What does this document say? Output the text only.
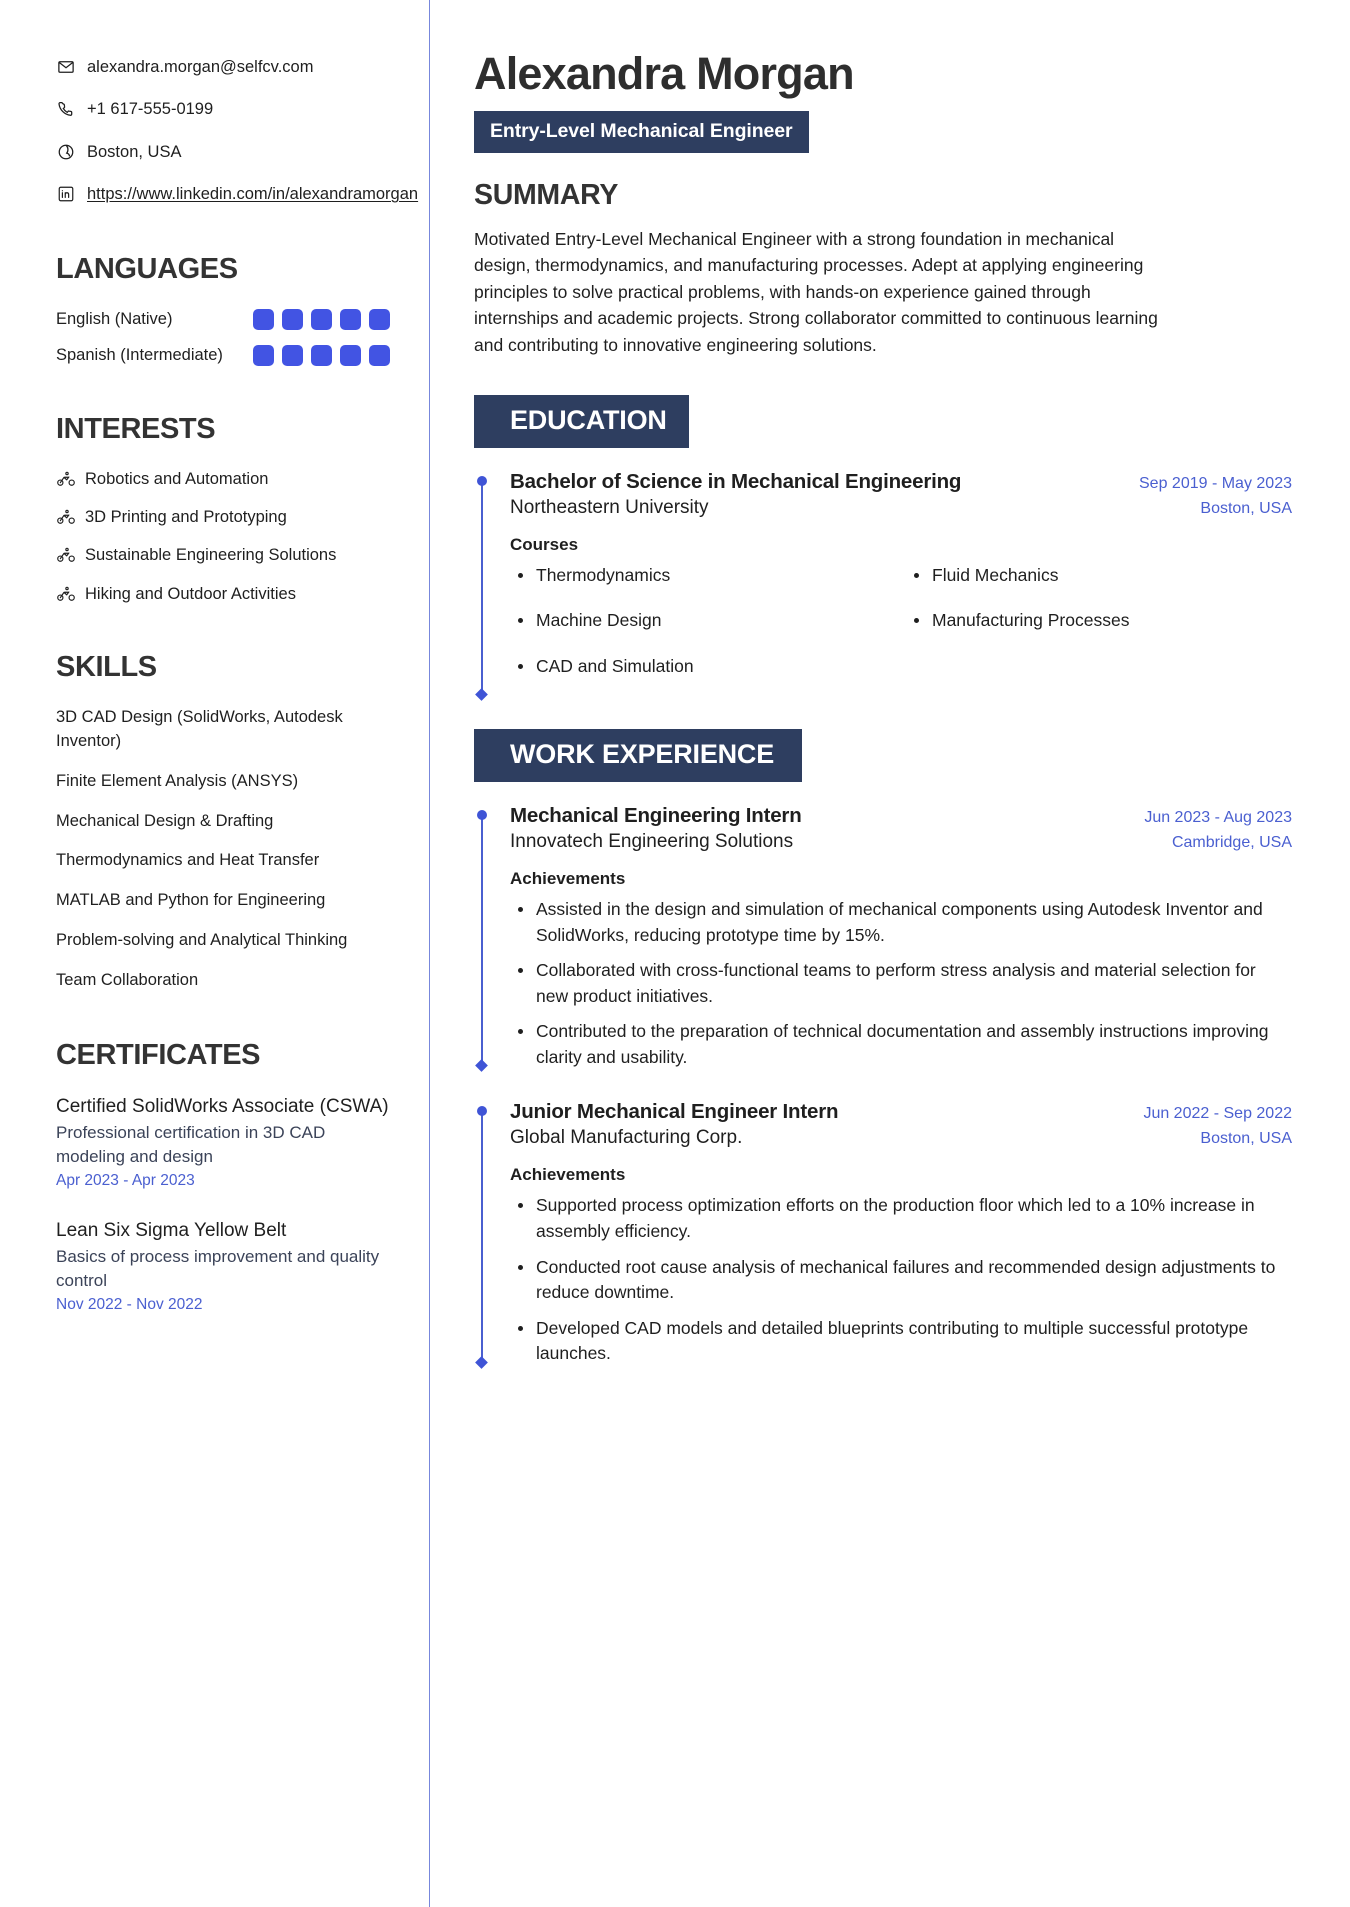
alexandra.morgan@selfcv.com
+1 617-555-0199
Boston, USA
https://www.linkedin.com/in/alexandramorgan
LANGUAGES
English (Native)
Spanish (Intermediate)
INTERESTS
Robotics and Automation
3D Printing and Prototyping
Sustainable Engineering Solutions
Hiking and Outdoor Activities
SKILLS
3D CAD Design (SolidWorks, Autodesk Inventor)
Finite Element Analysis (ANSYS)
Mechanical Design & Drafting
Thermodynamics and Heat Transfer
MATLAB and Python for Engineering
Problem-solving and Analytical Thinking
Team Collaboration
CERTIFICATES
Certified SolidWorks Associate (CSWA)
Professional certification in 3D CAD modeling and design
Apr 2023 - Apr 2023
Lean Six Sigma Yellow Belt
Basics of process improvement and quality control
Nov 2022 - Nov 2022
Alexandra Morgan
Entry-Level Mechanical Engineer
SUMMARY

Motivated Entry-Level Mechanical Engineer with a strong foundation in mechanical design, thermodynamics, and manufacturing processes. Adept at applying engineering principles to solve practical problems, with hands-on experience gained through internships and academic projects. Strong collaborator committed to continuous learning and contributing to innovative engineering solutions.

EDUCATION
Bachelor of Science in Mechanical Engineering	Sep 2019 - May 2023
Northeastern University	Boston, USA
Courses
Thermodynamics	Fluid Mechanics
Machine Design	Manufacturing Processes
CAD and Simulation
WORK EXPERIENCE
Mechanical Engineering Intern	Jun 2023 - Aug 2023
Innovatech Engineering Solutions	Cambridge, USA
Achievements
Assisted in the design and simulation of mechanical components using Autodesk Inventor and SolidWorks, reducing prototype time by 15%.
Collaborated with cross-functional teams to perform stress analysis and material selection for new product initiatives.
Contributed to the preparation of technical documentation and assembly instructions improving clarity and usability.
Junior Mechanical Engineer Intern	Jun 2022 - Sep 2022
Global Manufacturing Corp.	Boston, USA
Achievements
Supported process optimization efforts on the production floor which led to a 10% increase in assembly efficiency.
Conducted root cause analysis of mechanical failures and recommended design adjustments to reduce downtime.
Developed CAD models and detailed blueprints contributing to multiple successful prototype launches.
